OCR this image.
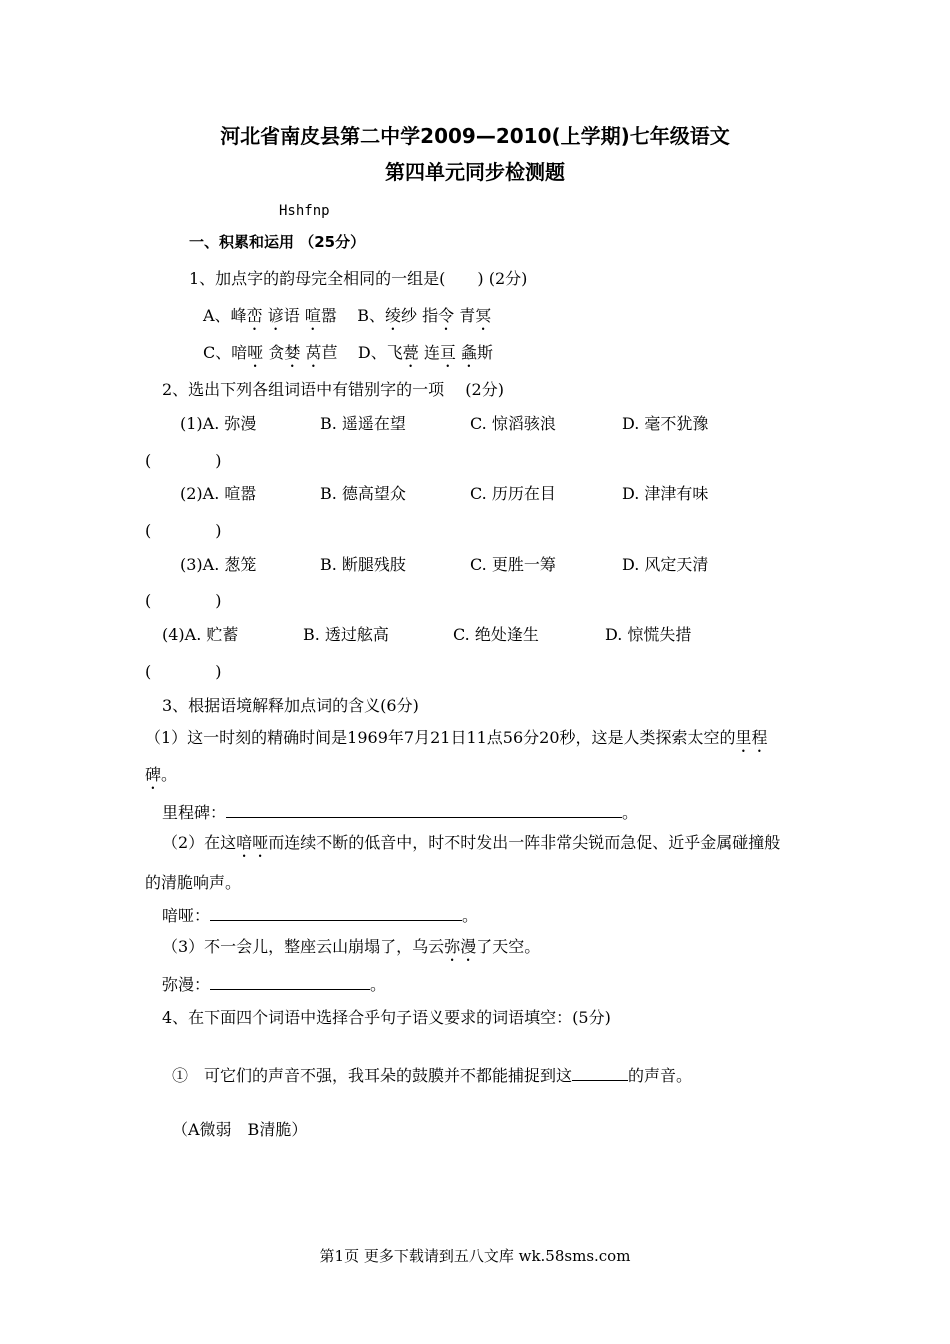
河北省南皮县第二中学2009—2010(上学期)七年级语文
第四单元同步检测题
Hshfnp
一、积累和运用 （25分）
1、加点字的韵母完全相同的一组是(　　) (2分)
A、峰峦 谚语 喧嚣 B、绫纱 指令 青冥
C、喑哑 贪婪 莴苣 D、飞甍 连亘 螽斯
2、选出下列各组词语中有错别字的一项　 (2分)
(1)A. 弥漫	B. 遥遥在望	C. 惊滔骇浪	D. 毫不犹豫
(　　　　)
(2)A. 喧嚣	B. 德高望众	C. 历历在目	D. 津津有味
(　　　　)
(3)A. 葱笼	B. 断腿残肢	C. 更胜一筹	D. 风定天清
(　　　　)
(4)A. 贮蓄	B. 透过舷高	C. 绝处逢生	D. 惊慌失措
(　　　　)
3、根据语境解释加点词的含义(6分)
（1）这一时刻的精确时间是1969年7月21日11点56分20秒，这是人类探索太空的里程
碑。
里程碑：	。
（2）在这喑哑而连续不断的低音中，时不时发出一阵非常尖锐而急促、近乎金属碰撞般
的清脆响声。
喑哑：	。
（3）不一会儿，整座云山崩塌了，乌云弥漫了天空。
弥漫：	。
4、在下面四个词语中选择合乎句子语义要求的词语填空：(5分)
①　可它们的声音不强，我耳朵的鼓膜并不都能捕捉到这	的声音。
（A微弱　B清脆）
第1页 更多下载请到五八文库 wk.58sms.com
